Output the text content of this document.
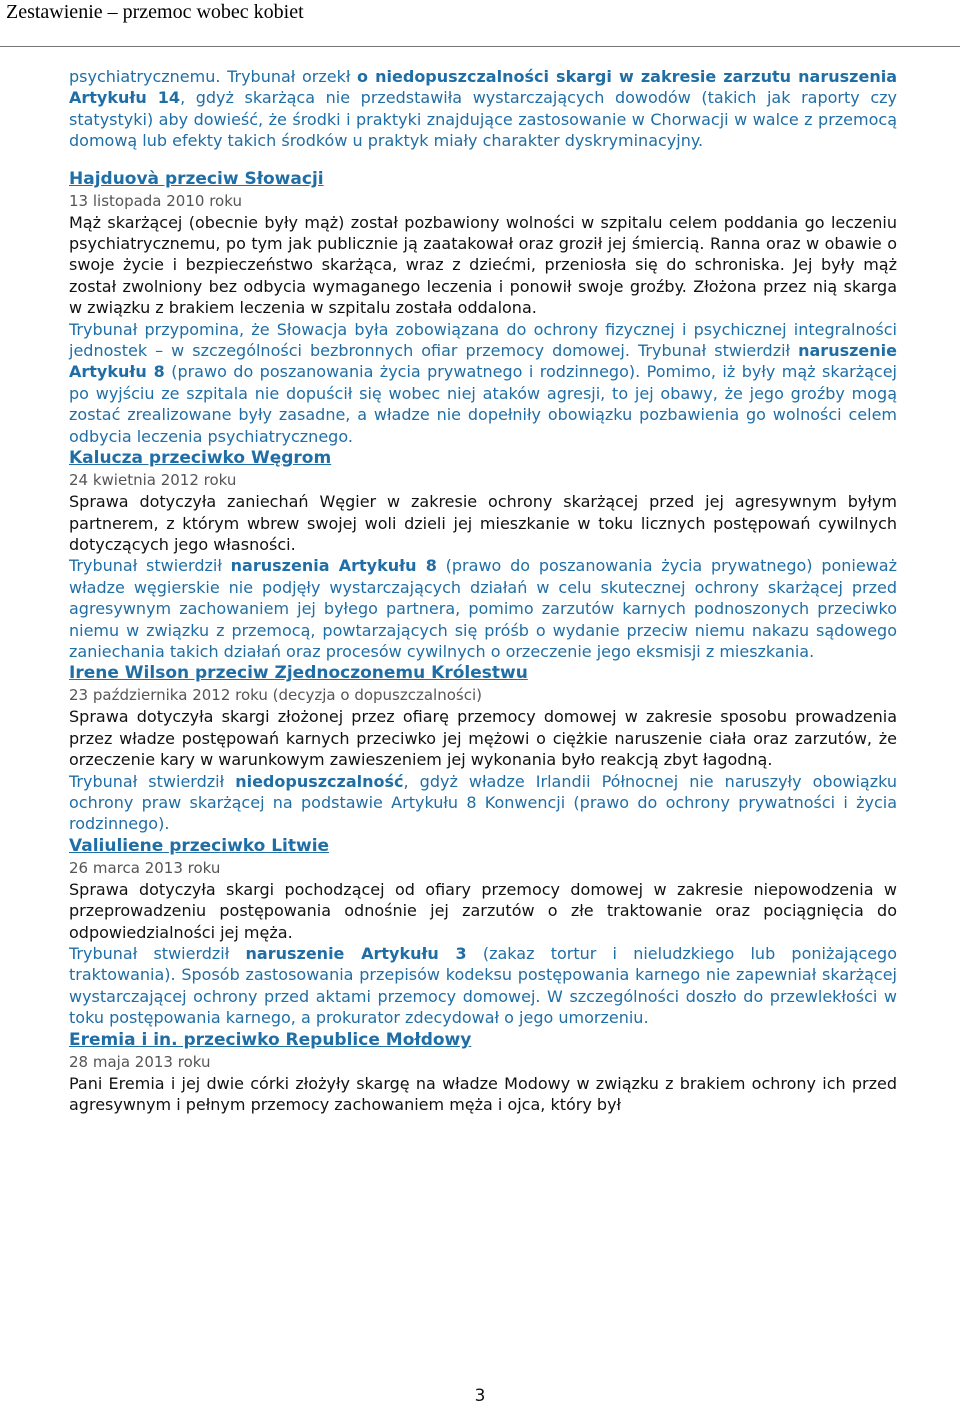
Zestawienie – przemoc wobec kobiet

psychiatrycznemu. Trybunał orzekł o niedopuszczalności skargi w zakresie zarzutu naruszenia Artykułu 14, gdyż skarżąca nie przedstawiła wystarczających dowodów (takich jak raporty czy statystyki) aby dowieść, że środki i praktyki znajdujące zastosowanie w Chorwacji w walce z przemocą domową lub efekty takich środków u praktyk miały charakter dyskryminacyjny.

Hajduovà przeciw Słowacji

13 listopada 2010 roku

Mąż skarżącej (obecnie były mąż) został pozbawiony wolności w szpitalu celem poddania go leczeniu psychiatrycznemu, po tym jak publicznie ją zaatakował oraz groził jej śmiercią. Ranna oraz w obawie o swoje życie i bezpieczeństwo skarżąca, wraz z dziećmi, przeniosła się do schroniska. Jej były mąż został zwolniony bez odbycia wymaganego leczenia i ponowił swoje groźby. Złożona przez nią skarga w związku z brakiem leczenia w szpitalu została oddalona.

Trybunał przypomina, że Słowacja była zobowiązana do ochrony fizycznej i psychicznej integralności jednostek – w szczególności bezbronnych ofiar przemocy domowej. Trybunał stwierdził naruszenie Artykułu 8 (prawo do poszanowania życia prywatnego i rodzinnego). Pomimo, iż były mąż skarżącej po wyjściu ze szpitala nie dopuścił się wobec niej ataków agresji, to jej obawy, że jego groźby mogą zostać zrealizowane były zasadne, a władze nie dopełniły obowiązku pozbawienia go wolności celem odbycia leczenia psychiatrycznego.

Kalucza przeciwko Węgrom

24 kwietnia 2012 roku

Sprawa dotyczyła zaniechań Węgier w zakresie ochrony skarżącej przed jej agresywnym byłym partnerem, z którym wbrew swojej woli dzieli jej mieszkanie w toku licznych postępowań cywilnych dotyczących jego własności.

Trybunał stwierdził naruszenia Artykułu 8 (prawo do poszanowania życia prywatnego) ponieważ władze węgierskie nie podjęły wystarczających działań w celu skutecznej ochrony skarżącej przed agresywnym zachowaniem jej byłego partnera, pomimo zarzutów karnych podnoszonych przeciwko niemu w związku z przemocą, powtarzających się próśb o wydanie przeciw niemu nakazu sądowego zaniechania takich działań oraz procesów cywilnych o orzeczenie jego eksmisji z mieszkania.

Irene Wilson przeciw Zjednoczonemu Królestwu

23 października 2012 roku (decyzja o dopuszczalności)

Sprawa dotyczyła skargi złożonej przez ofiarę przemocy domowej w zakresie sposobu prowadzenia przez władze postępowań karnych przeciwko jej mężowi o ciężkie naruszenie ciała oraz zarzutów, że orzeczenie kary w warunkowym zawieszeniem jej wykonania było reakcją zbyt łagodną.

Trybunał stwierdził niedopuszczalność, gdyż władze Irlandii Północnej nie naruszyły obowiązku ochrony praw skarżącej na podstawie Artykułu 8 Konwencji (prawo do ochrony prywatności i życia rodzinnego).

Valiuliene przeciwko Litwie

26 marca 2013 roku

Sprawa dotyczyła skargi pochodzącej od ofiary przemocy domowej w zakresie niepowodzenia w przeprowadzeniu postępowania odnośnie jej zarzutów o złe traktowanie oraz pociągnięcia do odpowiedzialności jej męża.

Trybunał stwierdził naruszenie Artykułu 3 (zakaz tortur i nieludzkiego lub poniżającego traktowania). Sposób zastosowania przepisów kodeksu postępowania karnego nie zapewniał skarżącej wystarczającej ochrony przed aktami przemocy domowej. W szczególności doszło do przewlekłości w toku postępowania karnego, a prokurator zdecydował o jego umorzeniu.

Eremia i in. przeciwko Republice Mołdowy

28 maja 2013 roku

Pani Eremia i jej dwie córki złożyły skargę na władze Modowy w związku z brakiem ochrony ich przed agresywnym i pełnym przemocy zachowaniem męża i ojca, który był

3
